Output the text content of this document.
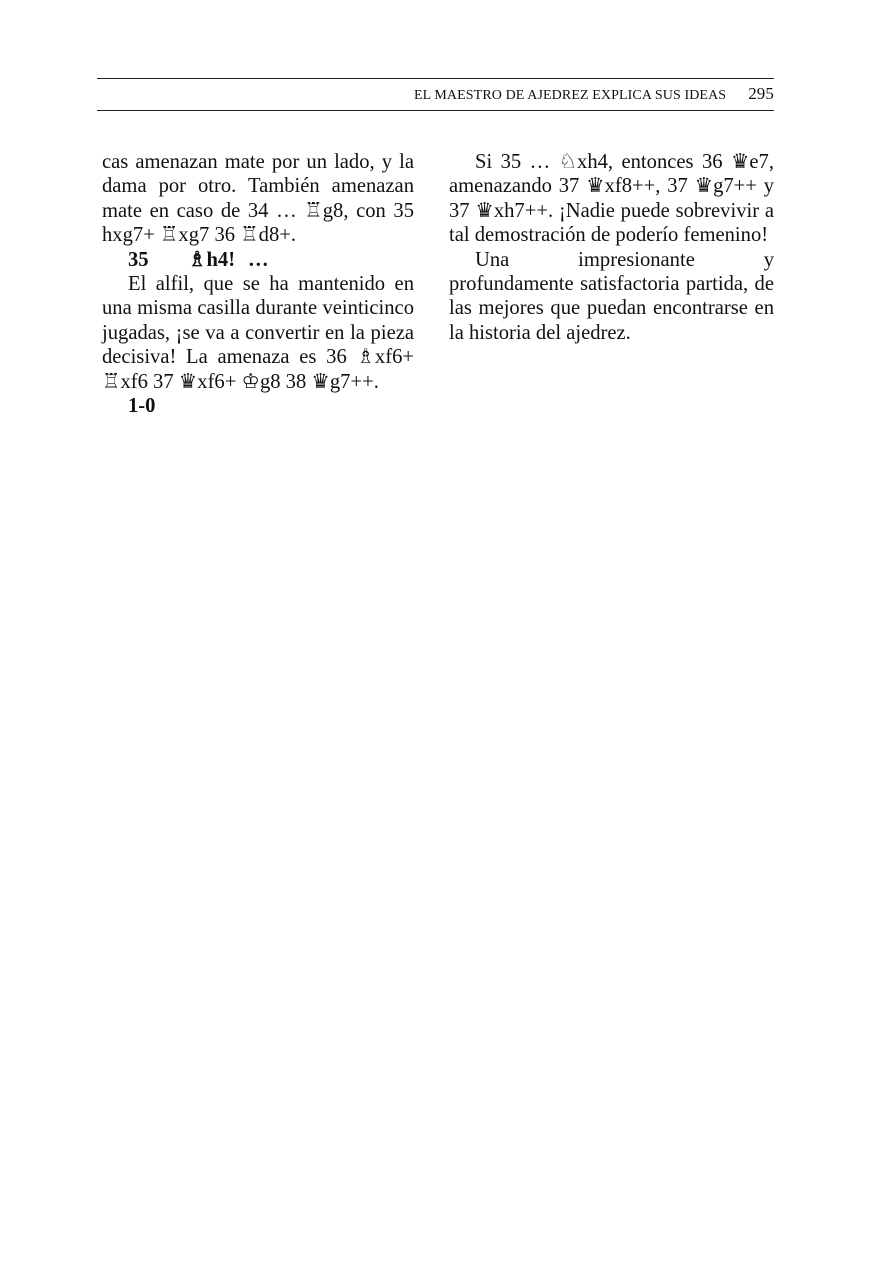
EL MAESTRO DE AJEDREZ EXPLICA SUS IDEAS 295

cas amenazan mate por un lado, y la dama por otro. También amenazan mate en caso de 34 … ♖g8, con 35 hxg7+ ♖xg7 36 ♖d8+.

35	♗h4! …

El alfil, que se ha mantenido en una misma casilla durante veinticinco jugadas, ¡se va a convertir en la pieza decisiva! La amenaza es 36 ♗xf6+ ♖xf6 37 ♛xf6+ ♔g8 38 ♛g7++.

1-0

Si 35 … ♘xh4, entonces 36 ♛e7, amenazando 37 ♛xf8++, 37 ♛g7++ y 37 ♛xh7++. ¡Nadie puede sobrevivir a tal demostración de poderío femenino!

Una impresionante y profundamente satisfactoria partida, de las mejores que puedan encontrarse en la historia del ajedrez.
